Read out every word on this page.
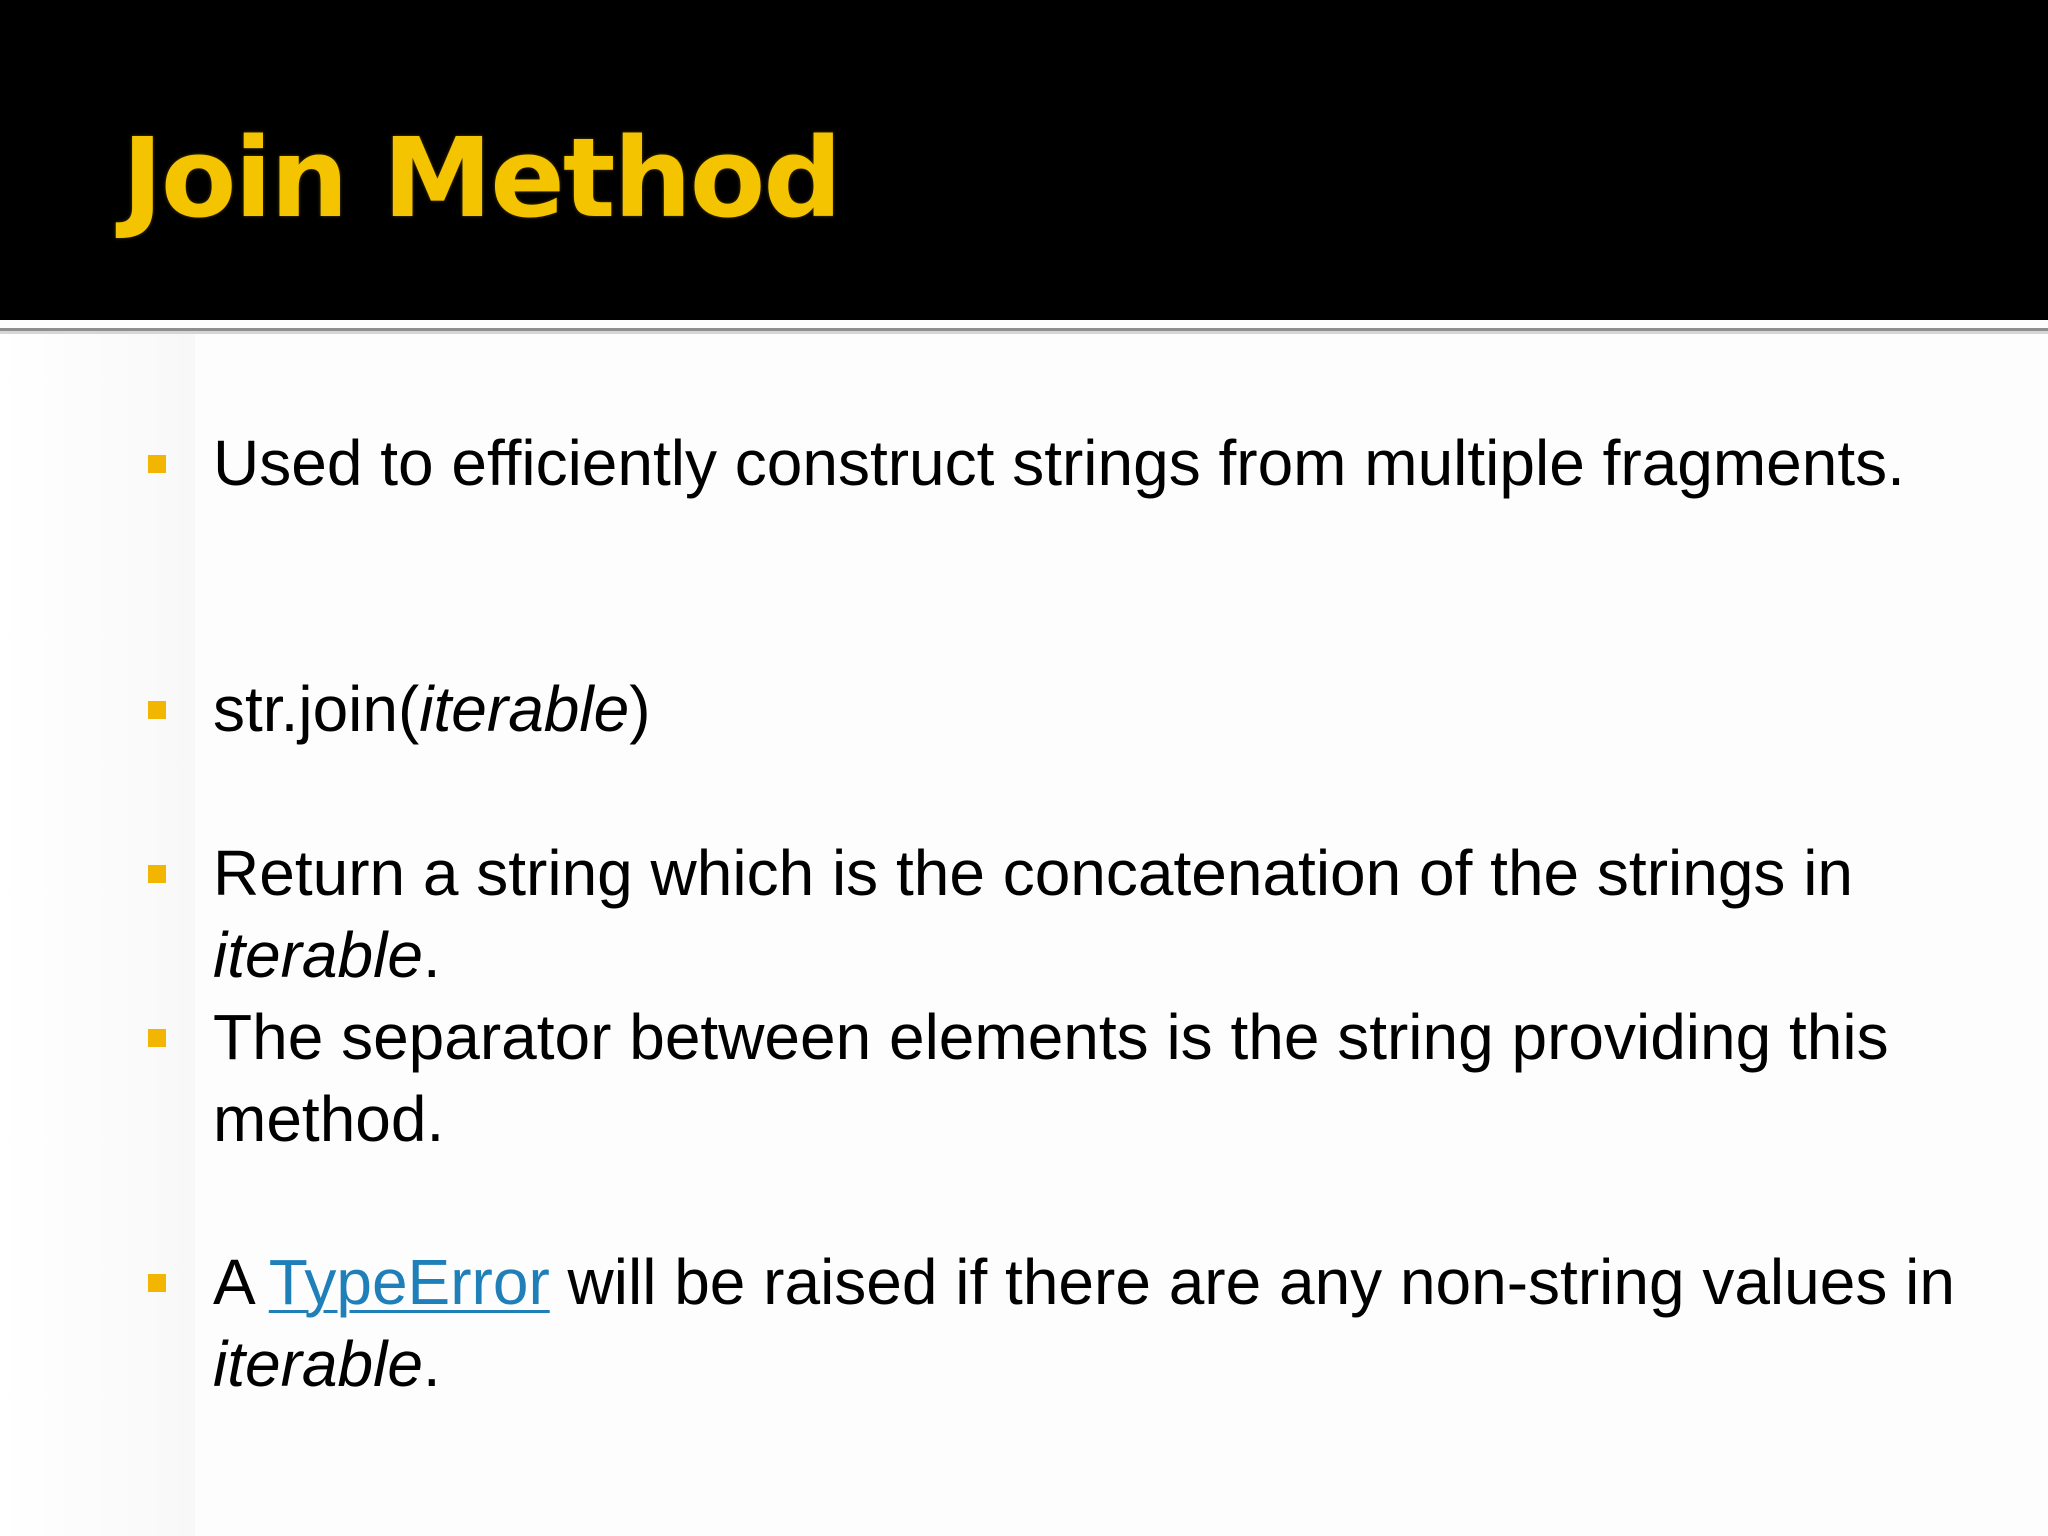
Join Method
Used to efficiently construct strings from multiple fragments.
str.join(iterable)
Return a string which is the concatenation of the strings in iterable.
The separator between elements is the string providing this method.
A TypeError will be raised if there are any non-string values in iterable.
